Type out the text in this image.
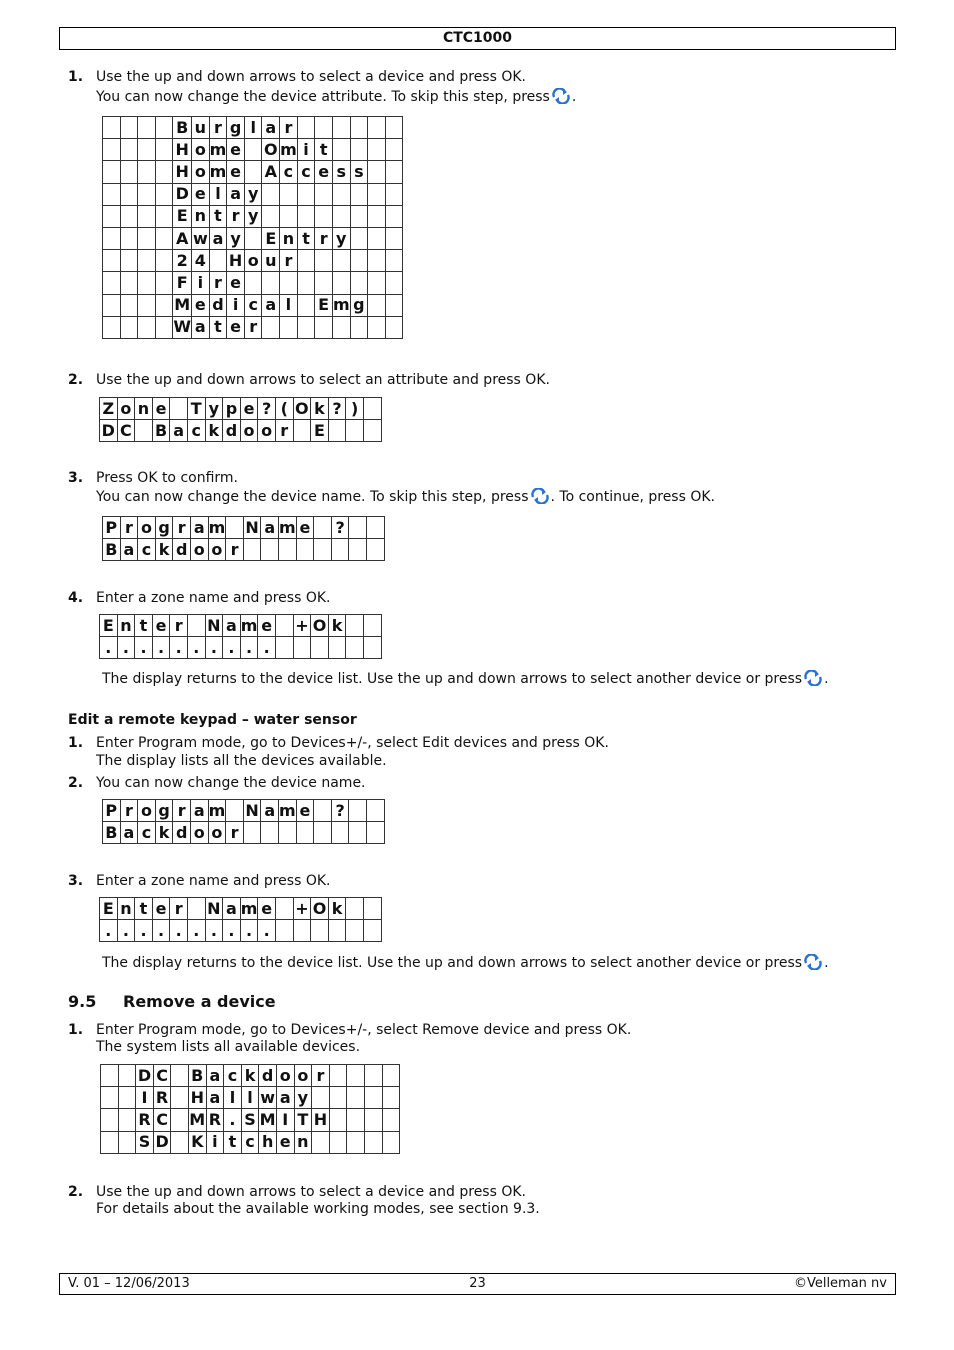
CTC1000
1. Use the up and down arrows to select a device and press OK.
You can now change the device attribute. To skip this step, press .
				B	u	r	g	l	a	r						
				H	o	m	e		O	m	i	t				
				H	o	m	e		A	c	c	e	s	s		
				D	e	l	a	y								
				E	n	t	r	y								
				A	w	a	y		E	n	t	r	y			
				2	4		H	o	u	r						
				F	i	r	e									
				M	e	d	i	c	a	l		E	m	g		
				W	a	t	e	r								
2. Use the up and down arrows to select an attribute and press OK.
Z	o	n	e		T	y	p	e	?	(	O	k	?	)	
D	C		B	a	c	k	d	o	o	r		E			
3. Press OK to confirm.
You can now change the device name. To skip this step, press . To continue, press OK.
P	r	o	g	r	a	m		N	a	m	e		?		
B	a	c	k	d	o	o	r								
4. Enter a zone name and press OK.
E	n	t	e	r		N	a	m	e		+	O	k		
.	.	.	.	.	.	.	.	.	.						
The display returns to the device list. Use the up and down arrows to select another device or press .
Edit a remote keypad – water sensor
1. Enter Program mode, go to Devices+/-, select Edit devices and press OK.
The display lists all the devices available.
2. You can now change the device name.
P	r	o	g	r	a	m		N	a	m	e		?		
B	a	c	k	d	o	o	r								
3. Enter a zone name and press OK.
E	n	t	e	r		N	a	m	e		+	O	k		
.	.	.	.	.	.	.	.	.	.						
The display returns to the device list. Use the up and down arrows to select another device or press .
9.5 Remove a device
1. Enter Program mode, go to Devices+/-, select Remove device and press OK.
The system lists all available devices.
		D	C		B	a	c	k	d	o	o	r				
		I	R		H	a	l	l	w	a	y					
		R	C		M	R	.	S	M	I	T	H				
		S	D		K	i	t	c	h	e	n					
2. Use the up and down arrows to select a device and press OK.
For details about the available working modes, see section 9.3.
V. 01 – 12/06/2013	23	©Velleman nv
